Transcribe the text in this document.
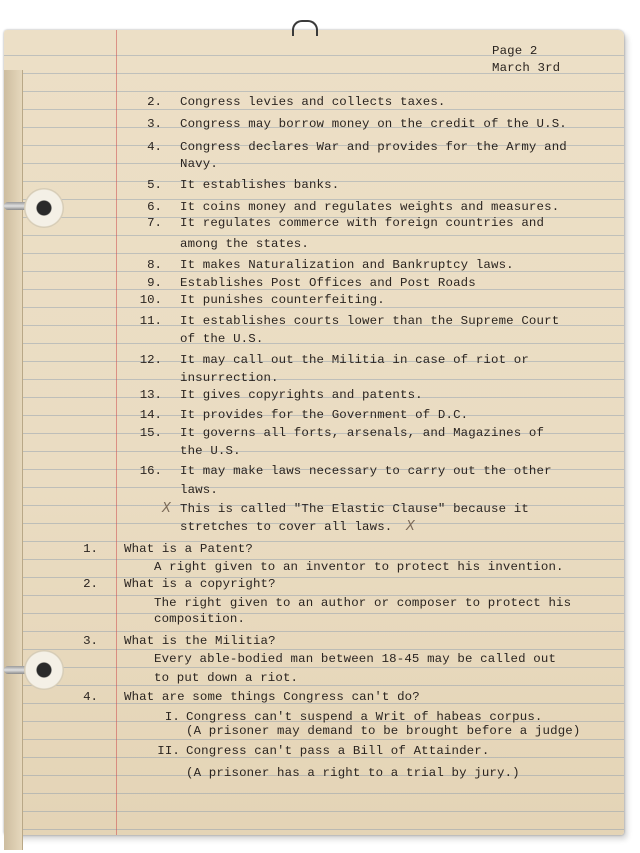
Page 2
March 3rd
2. Congress levies and collects taxes.
3. Congress may borrow money on the credit of the U.S.
4. Congress declares War and provides for the Army and
Navy.
5. It establishes banks.
6. It coins money and regulates weights and measures.
7. It regulates commerce with foreign countries and
among the states.
8. It makes Naturalization and Bankruptcy laws.
9. Establishes Post Offices and Post Roads
10. It punishes counterfeiting.
11. It establishes courts lower than the Supreme Court
of the U.S.
12. It may call out the Militia in case of riot or
insurrection.
13. It gives copyrights and patents.
14. It provides for the Government of D.C.
15. It governs all forts, arsenals, and Magazines of
the U.S.
16. It may make laws necessary to carry out the other
laws.
X This is called "The Elastic Clause" because it
stretches to cover all laws. X
1. What is a Patent?
A right given to an inventor to protect his invention.
2. What is a copyright?
The right given to an author or composer to protect his
composition.
3. What is the Militia?
Every able-bodied man between 18-45 may be called out
to put down a riot.
4. What are some things Congress can't do?
I. Congress can't suspend a Writ of habeas corpus.
(A prisoner may demand to be brought before a judge)
II. Congress can't pass a Bill of Attainder.
(A prisoner has a right to a trial by jury.)
